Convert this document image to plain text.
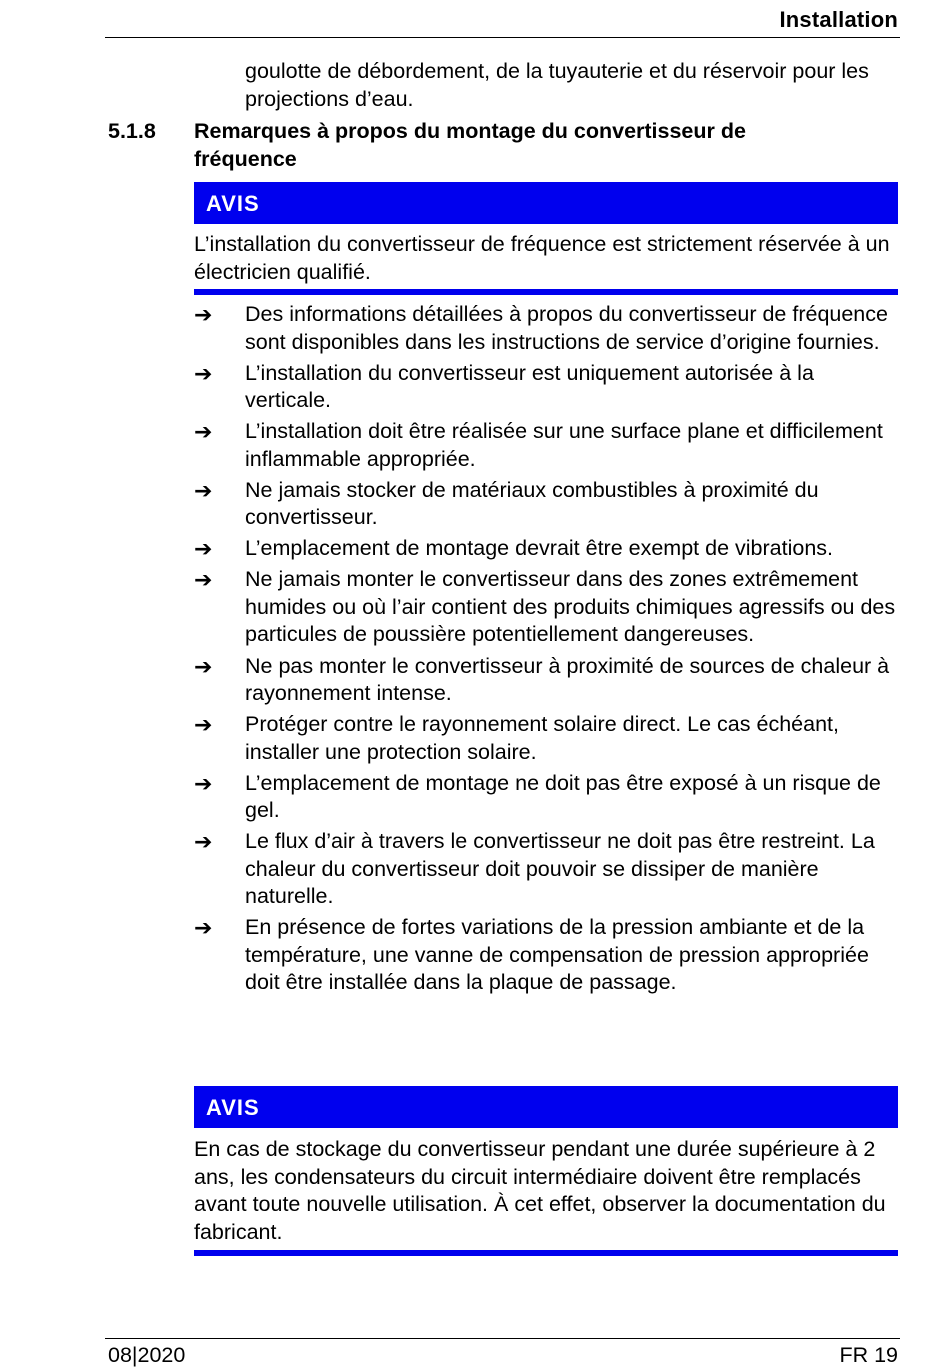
Installation
goulotte de débordement, de la tuyauterie et du réservoir pour les projections d’eau.
5.1.8 Remarques à propos du montage du convertisseur de fréquence
AVIS
L’installation du convertisseur de fréquence est strictement réservée à un électricien qualifié.
➔ Des informations détaillées à propos du convertisseur de fréquence sont disponibles dans les instructions de service d’origine fournies.
➔ L’installation du convertisseur est uniquement autorisée à la verticale.
➔ L’installation doit être réalisée sur une surface plane et difficilement inflammable appropriée.
➔ Ne jamais stocker de matériaux combustibles à proximité du convertisseur.
➔ L’emplacement de montage devrait être exempt de vibrations.
➔ Ne jamais monter le convertisseur dans des zones extrêmement humides ou où l’air contient des produits chimiques agressifs ou des particules de poussière potentiellement dangereuses.
➔ Ne pas monter le convertisseur à proximité de sources de chaleur à rayonnement intense.
➔ Protéger contre le rayonnement solaire direct. Le cas échéant, installer une protection solaire.
➔ L’emplacement de montage ne doit pas être exposé à un risque de gel.
➔ Le flux d’air à travers le convertisseur ne doit pas être restreint. La chaleur du convertisseur doit pouvoir se dissiper de manière naturelle.
➔ En présence de fortes variations de la pression ambiante et de la température, une vanne de compensation de pression appropriée doit être installée dans la plaque de passage.
AVIS
En cas de stockage du convertisseur pendant une durée supérieure à 2 ans, les condensateurs du circuit intermédiaire doivent être remplacés avant toute nouvelle utilisation. À cet effet, observer la documentation du fabricant.
08|2020	FR 19
